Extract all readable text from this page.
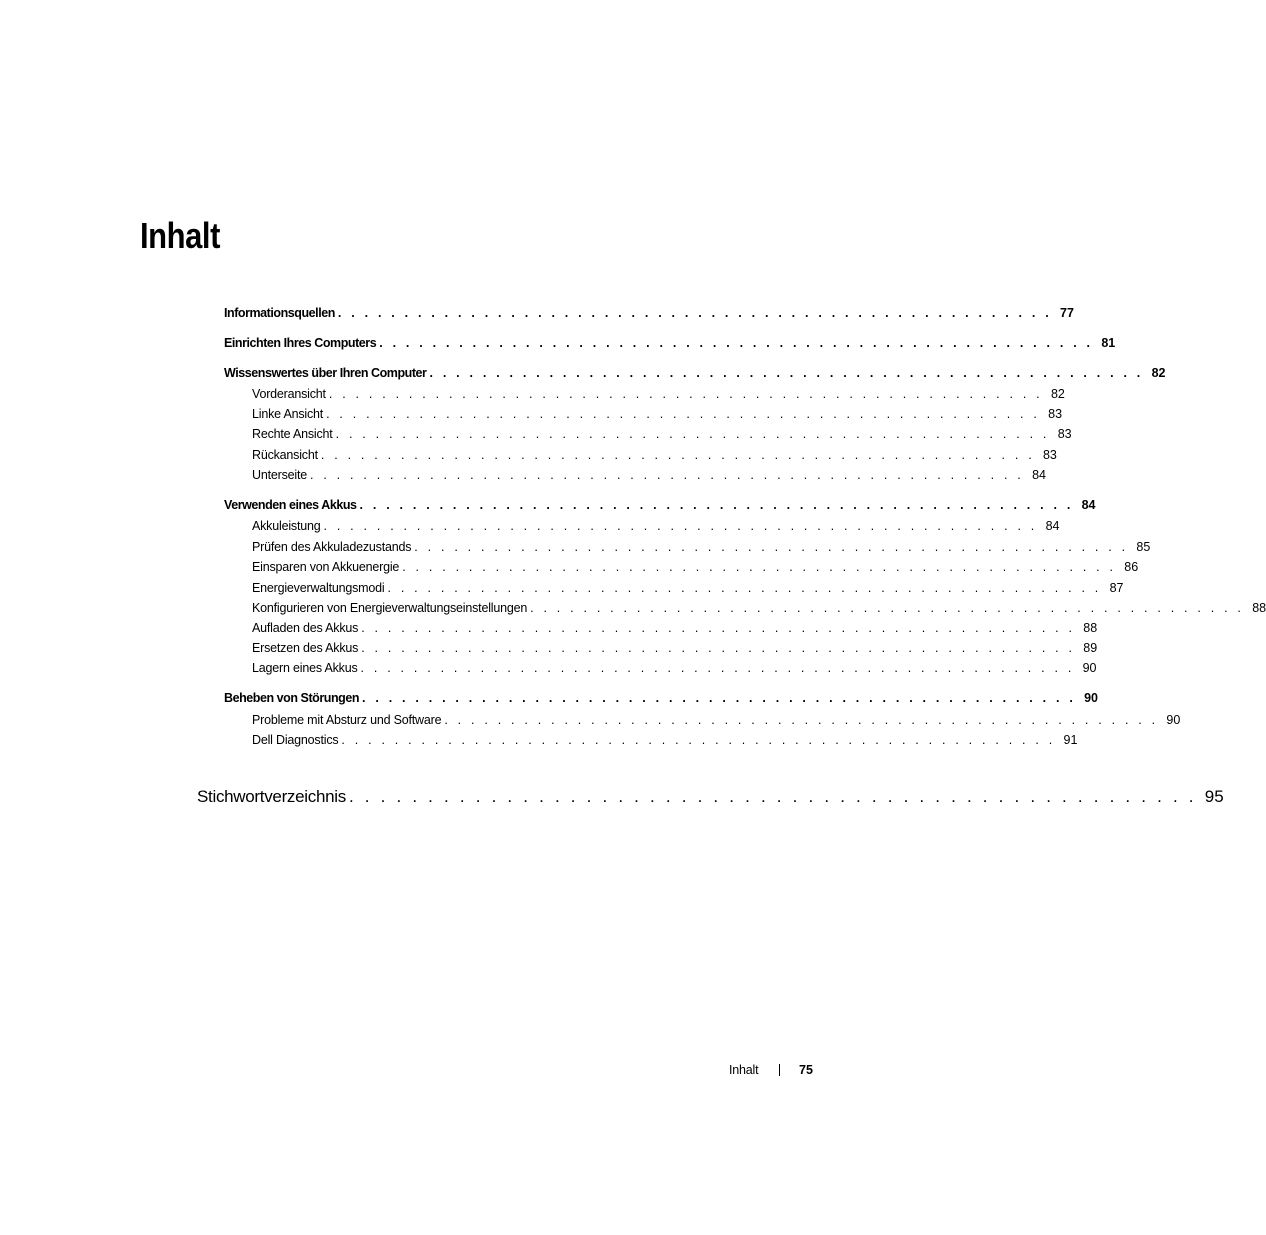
Inhalt
Informationsquellen . . . . . . . . . . . . . . . . . . . . . . . . . . . . . . . . . . . . . . . . . . . . . . . . . . . . . . 77
Einrichten Ihres Computers . . . . . . . . . . . . . . . . . . . . . . . . . . . . . . . . . . . . . . . . . . . . . . . . . . . . . . 81
Wissenswertes über Ihren Computer . . . . . . . . . . . . . . . . . . . . . . . . . . . . . . . . . . . . . . . . . . . . . . . . . . . . . . 82
Vorderansicht . . . . . . . . . . . . . . . . . . . . . . . . . . . . . . . . . . . . . . . . . . . . . . . . . . . . . . 82
Linke Ansicht . . . . . . . . . . . . . . . . . . . . . . . . . . . . . . . . . . . . . . . . . . . . . . . . . . . . . . 83
Rechte Ansicht . . . . . . . . . . . . . . . . . . . . . . . . . . . . . . . . . . . . . . . . . . . . . . . . . . . . . . 83
Rückansicht . . . . . . . . . . . . . . . . . . . . . . . . . . . . . . . . . . . . . . . . . . . . . . . . . . . . . . 83
Unterseite . . . . . . . . . . . . . . . . . . . . . . . . . . . . . . . . . . . . . . . . . . . . . . . . . . . . . . 84
Verwenden eines Akkus . . . . . . . . . . . . . . . . . . . . . . . . . . . . . . . . . . . . . . . . . . . . . . . . . . . . . . 84
Akkuleistung . . . . . . . . . . . . . . . . . . . . . . . . . . . . . . . . . . . . . . . . . . . . . . . . . . . . . . 84
Prüfen des Akkuladezustands . . . . . . . . . . . . . . . . . . . . . . . . . . . . . . . . . . . . . . . . . . . . . . . . . . . . . . 85
Einsparen von Akkuenergie . . . . . . . . . . . . . . . . . . . . . . . . . . . . . . . . . . . . . . . . . . . . . . . . . . . . . . 86
Energieverwaltungsmodi . . . . . . . . . . . . . . . . . . . . . . . . . . . . . . . . . . . . . . . . . . . . . . . . . . . . . . 87
Konfigurieren von Energieverwaltungseinstellungen . . . . . . . . . . . . . . . . . . . . . . . . . . . . . . . . . . . . . . . . . . . . . . . . . . . . . . 88
Aufladen des Akkus . . . . . . . . . . . . . . . . . . . . . . . . . . . . . . . . . . . . . . . . . . . . . . . . . . . . . . 88
Ersetzen des Akkus . . . . . . . . . . . . . . . . . . . . . . . . . . . . . . . . . . . . . . . . . . . . . . . . . . . . . . 89
Lagern eines Akkus . . . . . . . . . . . . . . . . . . . . . . . . . . . . . . . . . . . . . . . . . . . . . . . . . . . . . . 90
Beheben von Störungen . . . . . . . . . . . . . . . . . . . . . . . . . . . . . . . . . . . . . . . . . . . . . . . . . . . . . . 90
Probleme mit Absturz und Software . . . . . . . . . . . . . . . . . . . . . . . . . . . . . . . . . . . . . . . . . . . . . . . . . . . . . . 90
Dell Diagnostics . . . . . . . . . . . . . . . . . . . . . . . . . . . . . . . . . . . . . . . . . . . . . . . . . . . . . . 91
Stichwortverzeichnis . . . . . . . . . . . . . . . . . . . . . . . . . . . . . . . . . . . . . . . . . . . . . . . . . . . . . . 95
Inhalt	75
